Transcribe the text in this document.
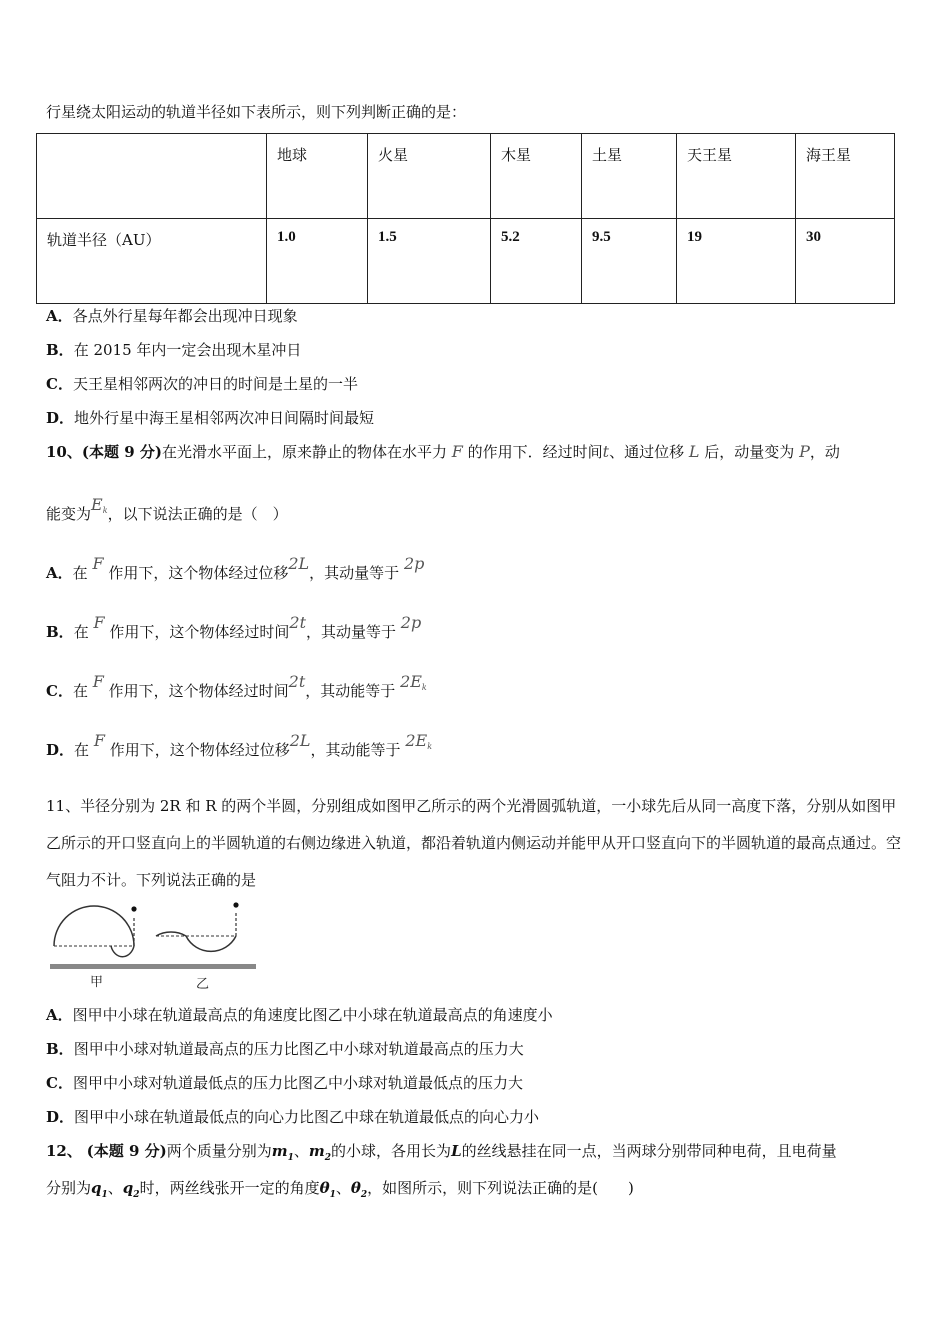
行星绕太阳运动的轨道半径如下表所示，则下列判断正确的是：
	地球	火星	木星	土星	天王星	海王星
轨道半径（AU）	1.0	1.5	5.2	9.5	19	30
A．各点外行星每年都会出现冲日现象
B．在 2015 年内一定会出现木星冲日
C．天王星相邻两次的冲日的时间是土星的一半
D．地外行星中海王星相邻两次冲日间隔时间最短
10、(本题 9 分)在光滑水平面上，原来静止的物体在水平力 F 的作用下．经过时间t、通过位移 L 后，动量变为 P，动
能变为Ek，以下说法正确的是（　）
A．在 F 作用下，这个物体经过位移2L，其动量等于 2p
B．在 F 作用下，这个物体经过时间2t，其动量等于 2p
C．在 F 作用下，这个物体经过时间2t，其动能等于 2Ek
D．在 F 作用下，这个物体经过位移2L，其动能等于 2Ek
11、半径分别为 2R 和 R 的两个半圆，分别组成如图甲乙所示的两个光滑圆弧轨道，一小球先后从同一高度下落，分别从如图甲乙所示的开口竖直向上的半圆轨道的右侧边缘进入轨道，都沿着轨道内侧运动并能甲从开口竖直向下的半圆轨道的最高点通过。空气阻力不计。下列说法正确的是
甲	乙
A．图甲中小球在轨道最高点的角速度比图乙中小球在轨道最高点的角速度小
B．图甲中小球对轨道最高点的压力比图乙中小球对轨道最高点的压力大
C．图甲中小球对轨道最低点的压力比图乙中小球对轨道最低点的压力大
D．图甲中小球在轨道最低点的向心力比图乙中球在轨道最低点的向心力小
12、 (本题 9 分)两个质量分别为$m_1$、$m_2$的小球，各用长为L的丝线悬挂在同一点，当两球分别带同种电荷，且电荷量
分别为$q_1$、$q_2$时，两丝线张开一定的角度$\theta_1$、$\theta_2$，如图所示，则下列说法正确的是(　　)
